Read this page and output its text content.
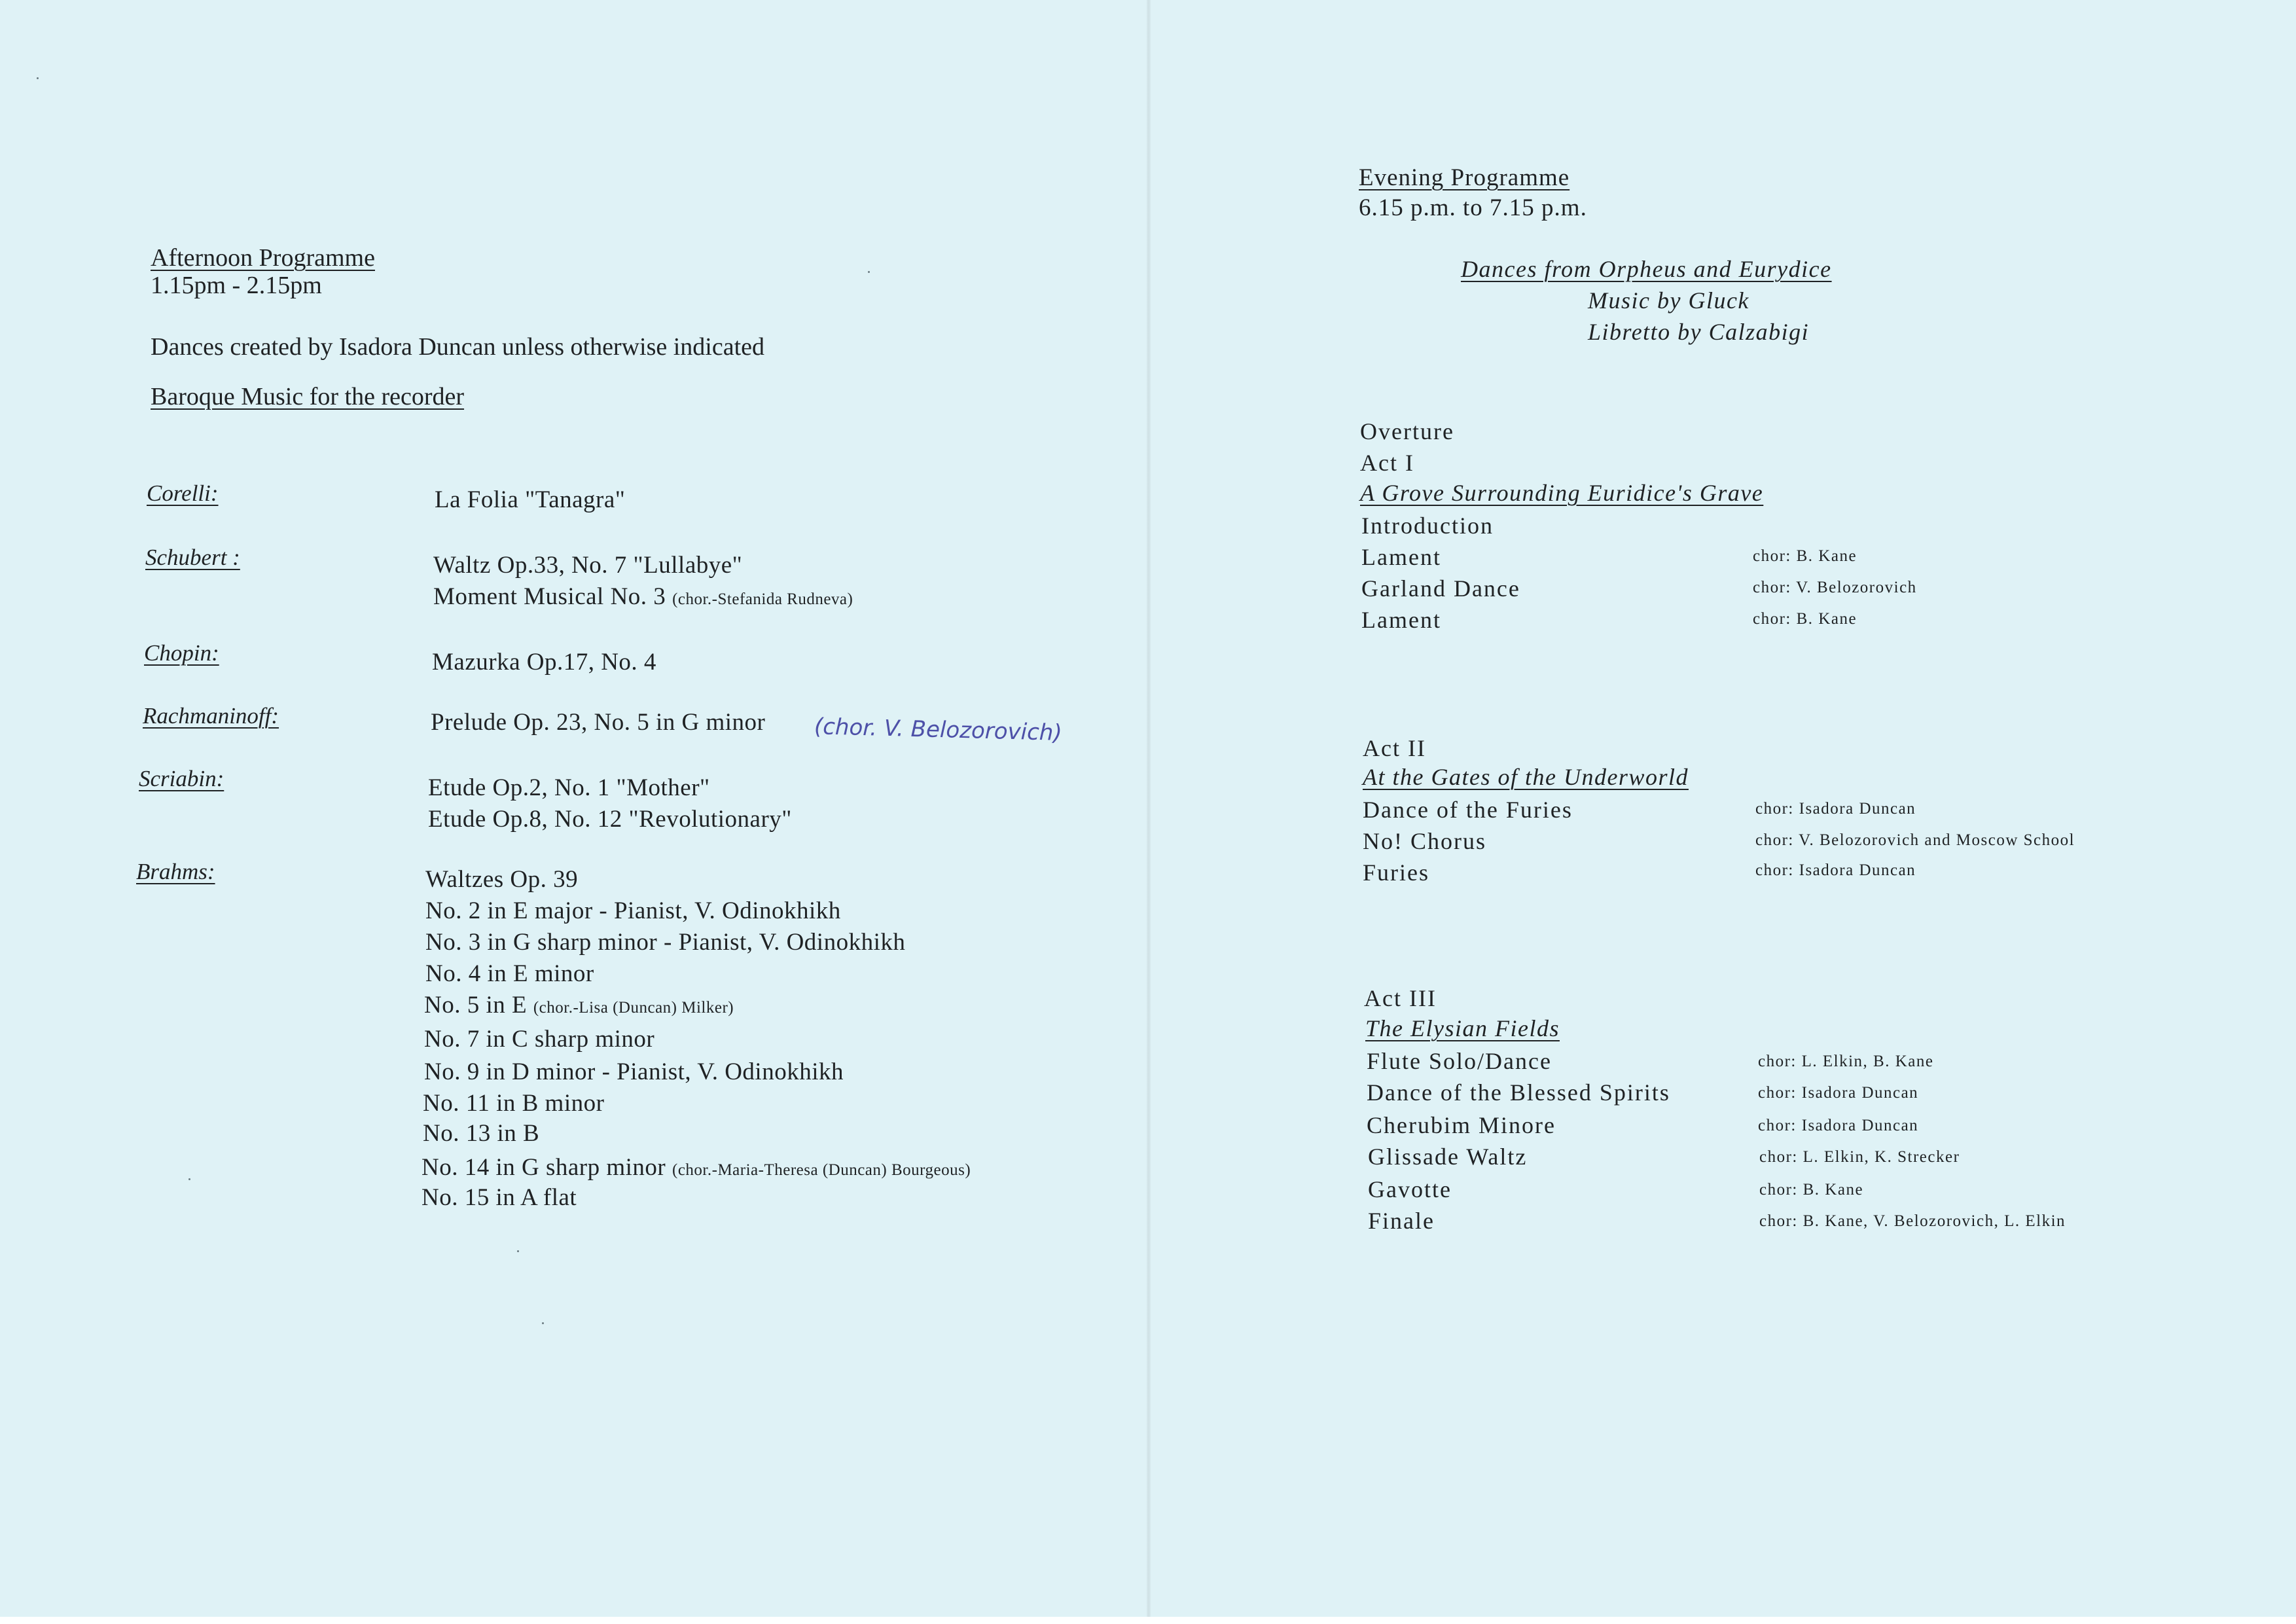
Afternoon Programme
1.15pm - 2.15pm
Dances created by Isadora Duncan unless otherwise indicated
Baroque Music for the recorder
Corelli:	La Folia "Tanagra"
Schubert :	Waltz Op.33, No. 7 "Lullabye"
Moment Musical No. 3 (chor.-Stefanida Rudneva)
Chopin:	Mazurka Op.17, No. 4
Rachmaninoff:	Prelude Op. 23, No. 5 in G minor (chor. V. Belozorovich)
Scriabin:	Etude Op.2, No. 1 "Mother"
Etude Op.8, No. 12 "Revolutionary"
Brahms:	Waltzes Op. 39
No. 2 in E major - Pianist, V. Odinokhikh
No. 3 in G sharp minor - Pianist, V. Odinokhikh
No. 4 in E minor
No. 5 in E (chor.-Lisa (Duncan) Milker)
No. 7 in C sharp minor
No. 9 in D minor - Pianist, V. Odinokhikh
No. 11 in B minor
No. 13 in B
No. 14 in G sharp minor (chor.-Maria-Theresa (Duncan) Bourgeous)
No. 15 in A flat
Evening Programme
6.15 p.m. to 7.15 p.m.
Dances from Orpheus and Eurydice
Music by Gluck
Libretto by Calzabigi
Overture
Act I
A Grove Surrounding Euridice's Grave
Introduction
Lament	chor: B. Kane
Garland Dance	chor: V. Belozorovich
Lament	chor: B. Kane
Act II
At the Gates of the Underworld
Dance of the Furies	chor: Isadora Duncan
No! Chorus	chor: V. Belozorovich and Moscow School
Furies	chor: Isadora Duncan
Act III
The Elysian Fields
Flute Solo/Dance	chor: L. Elkin, B. Kane
Dance of the Blessed Spirits	chor: Isadora Duncan
Cherubim Minore	chor: Isadora Duncan
Glissade Waltz	chor: L. Elkin, K. Strecker
Gavotte	chor: B. Kane
Finale	chor: B. Kane, V. Belozorovich, L. Elkin
